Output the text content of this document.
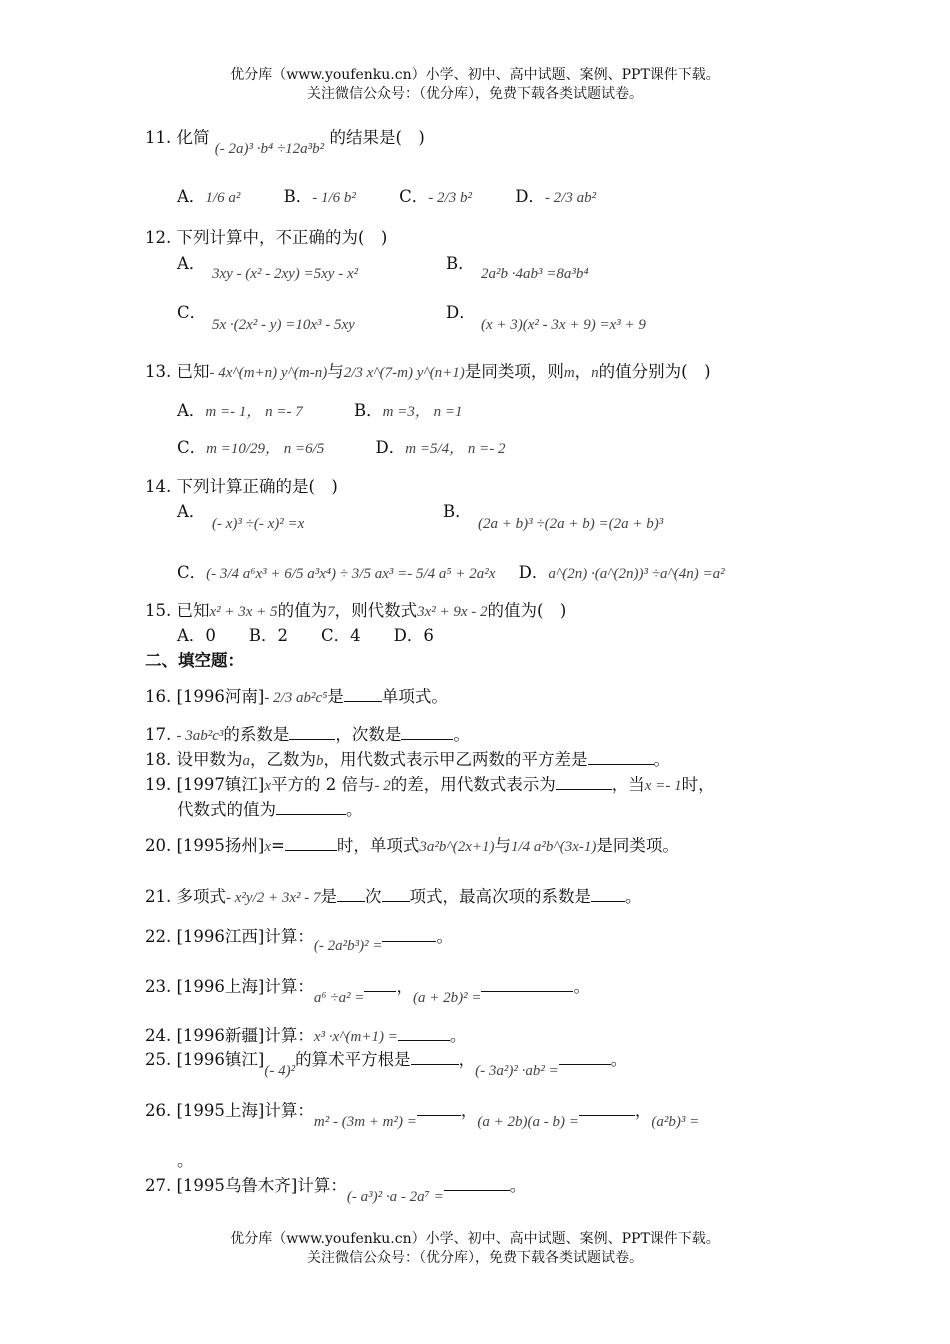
优分库（www.youfenku.cn）小学、初中、高中试题、案例、PPT课件下载。
关注微信公众号：（优分库），免费下载各类试题试卷。
11. 化简 (- 2a)³ ·b⁴ ÷12a³b² 的结果是(　)
A．1/6 a²	B．- 1/6 b²	C．- 2/3 b²	D．- 2/3 ab²
12. 下列计算中，不正确的为(　)
A．
3xy - (x² - 2xy) =5xy - x²
B．
2a²b ·4ab³ =8a³b⁴
C．
5x ·(2x² - y) =10x³ - 5xy
D．
(x + 3)(x² - 3x + 9) =x³ + 9
13. 已知- 4x^(m+n) y^(m-n)与2/3 x^(7-m) y^(n+1)是同类项，则m，n的值分别为(　)
A．m =- 1， n =- 7	B．m =3， n =1
C．m =10/29， n =6/5	D．m =5/4， n =- 2
14. 下列计算正确的是(　)
A．
(- x)³ ÷(- x)² =x
B．
(2a + b)³ ÷(2a + b) =(2a + b)³
C．(- 3/4 a⁶x³ + 6/5 a³x⁴) ÷ 3/5 ax³ =- 5/4 a⁵ + 2a²x D．a^(2n) ·(a^(2n))³ ÷a^(4n) =a²
15. 已知x² + 3x + 5的值为7，则代数式3x² + 9x - 2的值为(　)
A．0　　B．2　　C．4　　D．6
二、填空题：
16. [1996河南]- 2/3 ab²c⁵是 单项式。
17. - 3ab²c³的系数是	，次数是	。
18. 设甲数为a，乙数为b，用代数式表示甲乙两数的平方差是	。
19. [1997镇江]x平方的 2 倍与- 2的差，用代数式表示为	，当x =- 1时，
代数式的值为	。
20. [1995扬州]x=	时，单项式3a²b^(2x+1)与1/4 a²b^(3x-1)是同类项。
21. 多项式- x²y/2 + 3x² - 7是 次 项式，最高次项的系数是 。
22. [1996江西]计算：(- 2a²b³)² =	。
23. [1996上海]计算：a⁶ ÷a² =，(a + 2b)² =。
24. [1996新疆]计算：x³ ·x^(m+1) =	。
25. [1996镇江](- 4)²的算术平方根是	，(- 3a²)² ·ab² =。
26. [1995上海]计算：m² - (3m + m²) =，(a + 2b)(a - b) =，(a²b)³ =
。
27. [1995乌鲁木齐]计算：(- a³)² ·a - 2a⁷ =。
优分库（www.youfenku.cn）小学、初中、高中试题、案例、PPT课件下载。
关注微信公众号：（优分库），免费下载各类试题试卷。
